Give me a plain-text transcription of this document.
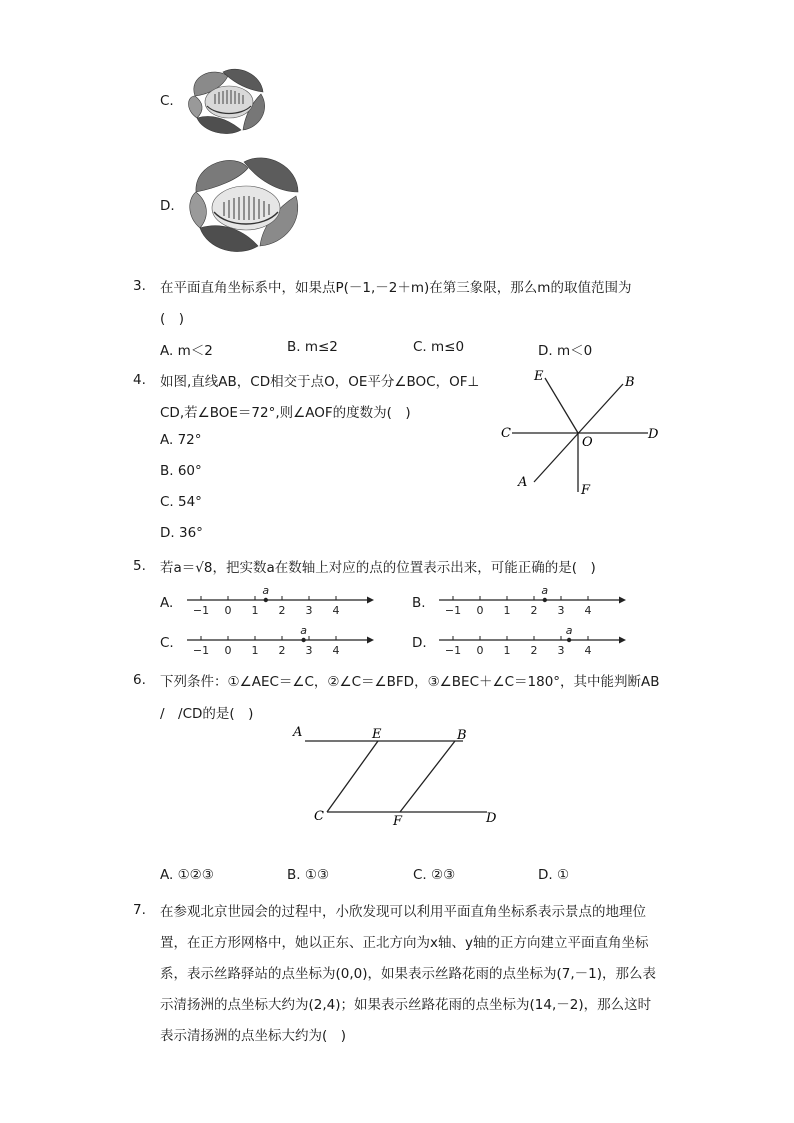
C.
D.
3. 在平面直角坐标系中，如果点P(－1,－2＋m)在第三象限，那么m的取值范围为
(　)
A. m＜2	B. m≤2	C. m≤0	D. m＜0
4. 如图,直线AB，CD相交于点O，OE平分∠BOC，OF⊥
CD,若∠BOE＝72°,则∠AOF的度数为(　)
A. 72°
B. 60°
C. 54°
D. 36°
E	B
C
O
D
A
F
5. 若a＝√8，把实数a在数轴上对应的点的位置表示出来，可能正确的是(　)
A.	B.
C.	D.
−1 0 1 2 3 4
a
−1 0 1 2 3 4
a
−1 0 1 2 3 4
a
−1 0 1 2 3 4
a
6. 下列条件：①∠AEC＝∠C，②∠C＝∠BFD，③∠BEC＋∠C＝180°，其中能判断AB
/　/CD的是(　)
A	E	B
C	F	D
A. ①②③	B. ①③	C. ②③	D. ①
7. 在参观北京世园会的过程中，小欣发现可以利用平面直角坐标系表示景点的地理位
置，在正方形网格中，她以正东、正北方向为x轴、y轴的正方向建立平面直角坐标
系，表示丝路驿站的点坐标为(0,0)，如果表示丝路花雨的点坐标为(7,－1)，那么表
示清扬洲的点坐标大约为(2,4)；如果表示丝路花雨的点坐标为(14,－2)，那么这时
表示清扬洲的点坐标大约为(　)
